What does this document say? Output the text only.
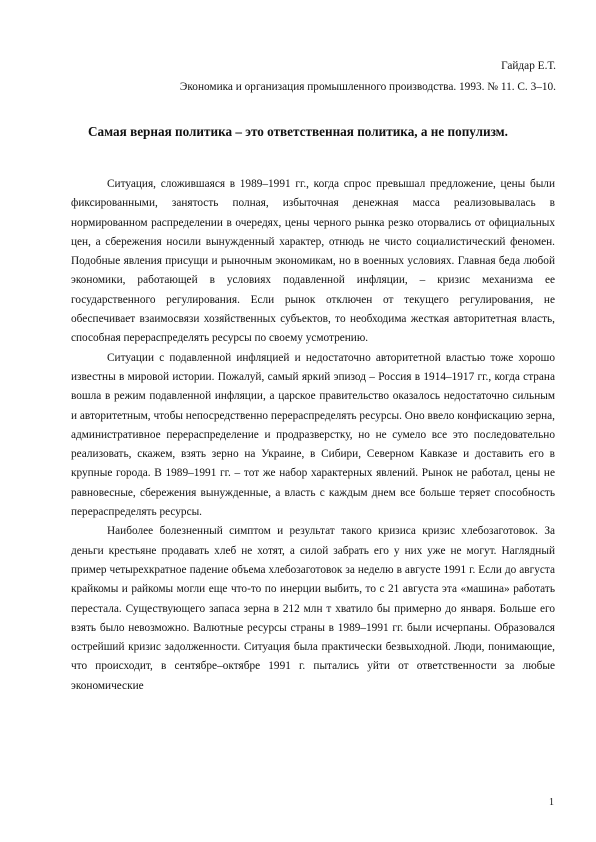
Гайдар Е.Т.
Экономика и организация промышленного производства. 1993. № 11. С. 3–10.
Самая верная политика – это ответственная политика, а не популизм.

Ситуация, сложившаяся в 1989–1991 гг., когда спрос превышал предложение, цены были фиксированными, занятость полная, избыточная денежная масса реализовывалась в нормированном распределении в очередях, цены черного рынка резко оторвались от официальных цен, а сбережения носили вынужденный характер, отнюдь не чисто социалистический феномен. Подобные явления присущи и рыночным экономикам, но в военных условиях. Главная беда любой экономики, работающей в условиях подавленной инфляции, – кризис механизма ее государственного регулирования. Если рынок отключен от текущего регулирования, не обеспечивает взаимосвязи хозяйственных субъектов, то необходима жесткая авторитетная власть, способная перераспределять ресурсы по своему усмотрению.

Ситуации с подавленной инфляцией и недостаточно авторитетной властью тоже хорошо известны в мировой истории. Пожалуй, самый яркий эпизод – Россия в 1914–1917 гг., когда страна вошла в режим подавленной инфляции, а царское правительство оказалось недостаточно сильным и авторитетным, чтобы непосредственно перераспределять ресурсы. Оно ввело конфискацию зерна, административное перераспределение и продразверстку, но не сумело все это последовательно реализовать, скажем, взять зерно на Украине, в Сибири, Северном Кавказе и доставить его в крупные города. В 1989–1991 гг. – тот же набор характерных явлений. Рынок не работал, цены не равновесные, сбережения вынужденные, а власть с каждым днем все больше теряет способность перераспределять ресурсы.

Наиболее болезненный симптом и результат такого кризиса кризис хлебозаготовок. За деньги крестьяне продавать хлеб не хотят, а силой забрать его у них уже не могут. Наглядный пример четырехкратное падение объема хлебозаготовок за неделю в августе 1991 г. Если до августа крайкомы и райкомы могли еще что-то по инерции выбить, то с 21 августа эта «машина» работать перестала. Существующего запаса зерна в 212 млн т хватило бы примерно до января. Больше его взять было невозможно. Валютные ресурсы страны в 1989–1991 гг. были исчерпаны. Образовался острейший кризис задолженности. Ситуация была практически безвыходной. Люди, понимающие, что происходит, в сентябре–октябре 1991 г. пытались уйти от ответственности за любые экономические

1
